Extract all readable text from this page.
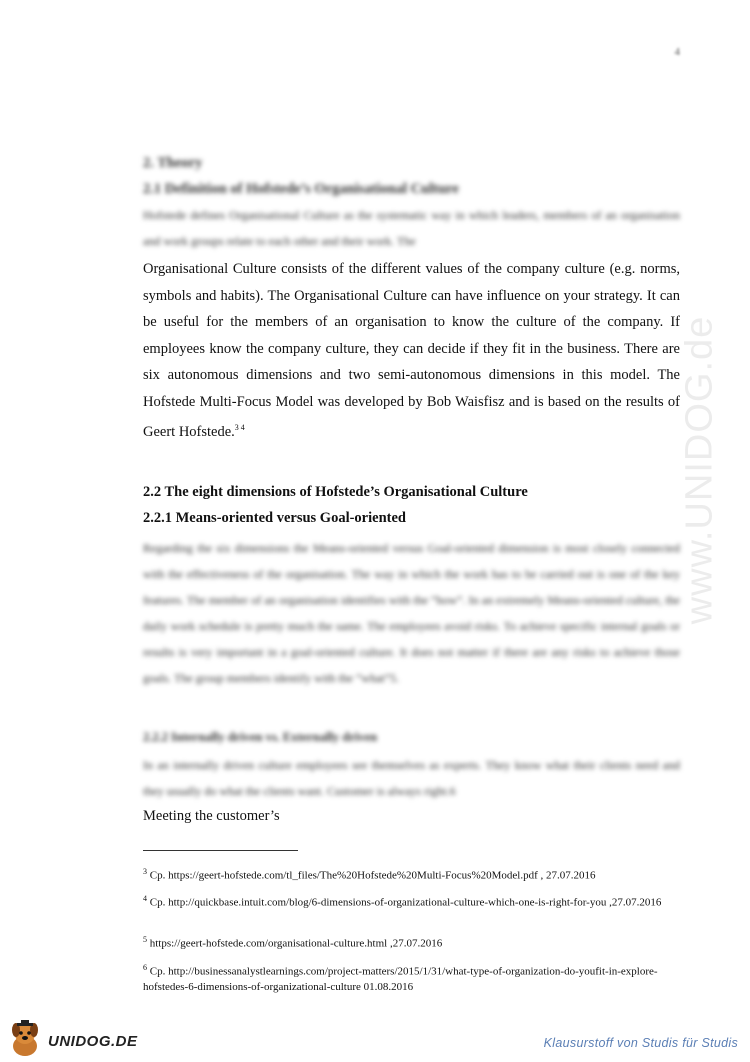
4
www.UNIDOG.de

2. Theory

2.1 Definition of Hofstede’s Organisational Culture

Hofstede defines Organisational Culture as the systematic way in which leaders, members of an organisation and work groups relate to each other and their work. The

Organisational Culture consists of the different values of the company culture (e.g. norms, symbols and habits). The Organisational Culture can have influence on your strategy. It can be useful for the members of an organisation to know the culture of the company. If employees know the company culture, they can decide if they fit in the business. There are six autonomous dimensions and two semi-autonomous dimensions in this model. The Hofstede Multi-Focus Model was developed by Bob Waisfisz and is based on the results of Geert Hofstede.$^{3 4}$

2.2 The eight dimensions of Hofstede’s Organisational Culture

2.2.1 Means-oriented versus Goal-oriented

Regarding the six dimensions the Means-oriented versus Goal-oriented dimension is most closely connected with the effectiveness of the organisation. The way in which the work has to be carried out is one of the key features. The member of an organisation identifies with the “how”. In an extremely Means-oriented culture, the daily work schedule is pretty much the same. The employees avoid risks. To achieve specific internal goals or results is very important in a goal-oriented culture. It does not matter if there are any risks to achieve those goals. The group members identify with the “what”5.

2.2.2 Internally driven vs. Externally driven

In an internally driven culture employees see themselves as experts. They know what their clients need and they usually do what the clients want. Customer is always right.6

Meeting the customer’s

$^3$ Cp. https://geert-hofstede.com/tl_files/The%20Hofstede%20Multi-Focus%20Model.pdf , 27.07.2016

$^4$ Cp. http://quickbase.intuit.com/blog/6-dimensions-of-organizational-culture-which-one-is-right-for-you ,27.07.2016

$^5$ https://geert-hofstede.com/organisational-culture.html ,27.07.2016

$^6$ Cp. http://businessanalystlearnings.com/project-matters/2015/1/31/what-type-of-organization-do-youfit-in-explore-hofstedes-6-dimensions-of-organizational-culture 01.08.2016

UNIDOG.DE	Klausurstoff von Studis für Studis
